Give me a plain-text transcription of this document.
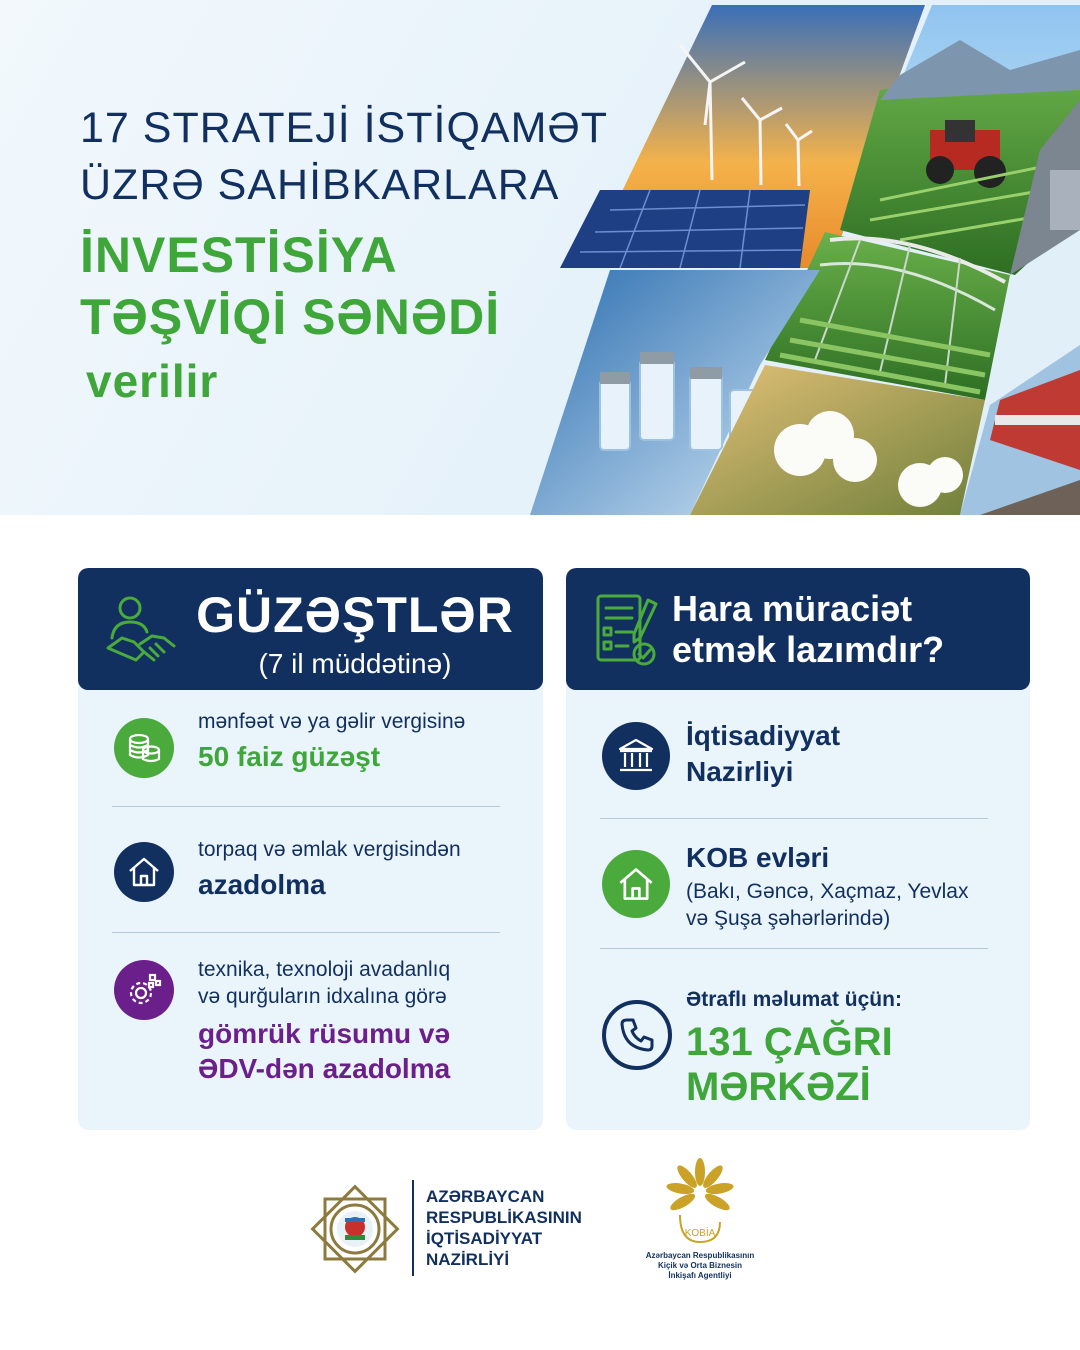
17 STRATEJİ İSTİQAMƏT
ÜZRƏ SAHİBKARLARA
İNVESTİSİYA
TƏŞVİQİ SƏNƏDİ
verilir
GÜZƏŞTLƏR
(7 il müddətinə)
mənfəət və ya gəlir vergisinə
50 faiz güzəşt
torpaq və əmlak vergisindən
azadolma
texnika, texnoloji avadanlıq
və qurğuların idxalına görə
gömrük rüsumu və
ƏDV-dən azadolma
Hara müraciət
etmək lazımdır?
İqtisadiyyat
Nazirliyi
KOB evləri
(Bakı, Gəncə, Xaçmaz, Yevlax
və Şuşa şəhərlərində)
Ətraflı məlumat üçün:
131 ÇAĞRI MƏRKƏZİ
AZƏRBAYCAN
RESPUBLİKASININ
İQTİSADİYYAT
NAZİRLİYİ
KOBİA
Azərbaycan Respublikasının
Kiçik və Orta Biznesin
İnkişafı Agentliyi
